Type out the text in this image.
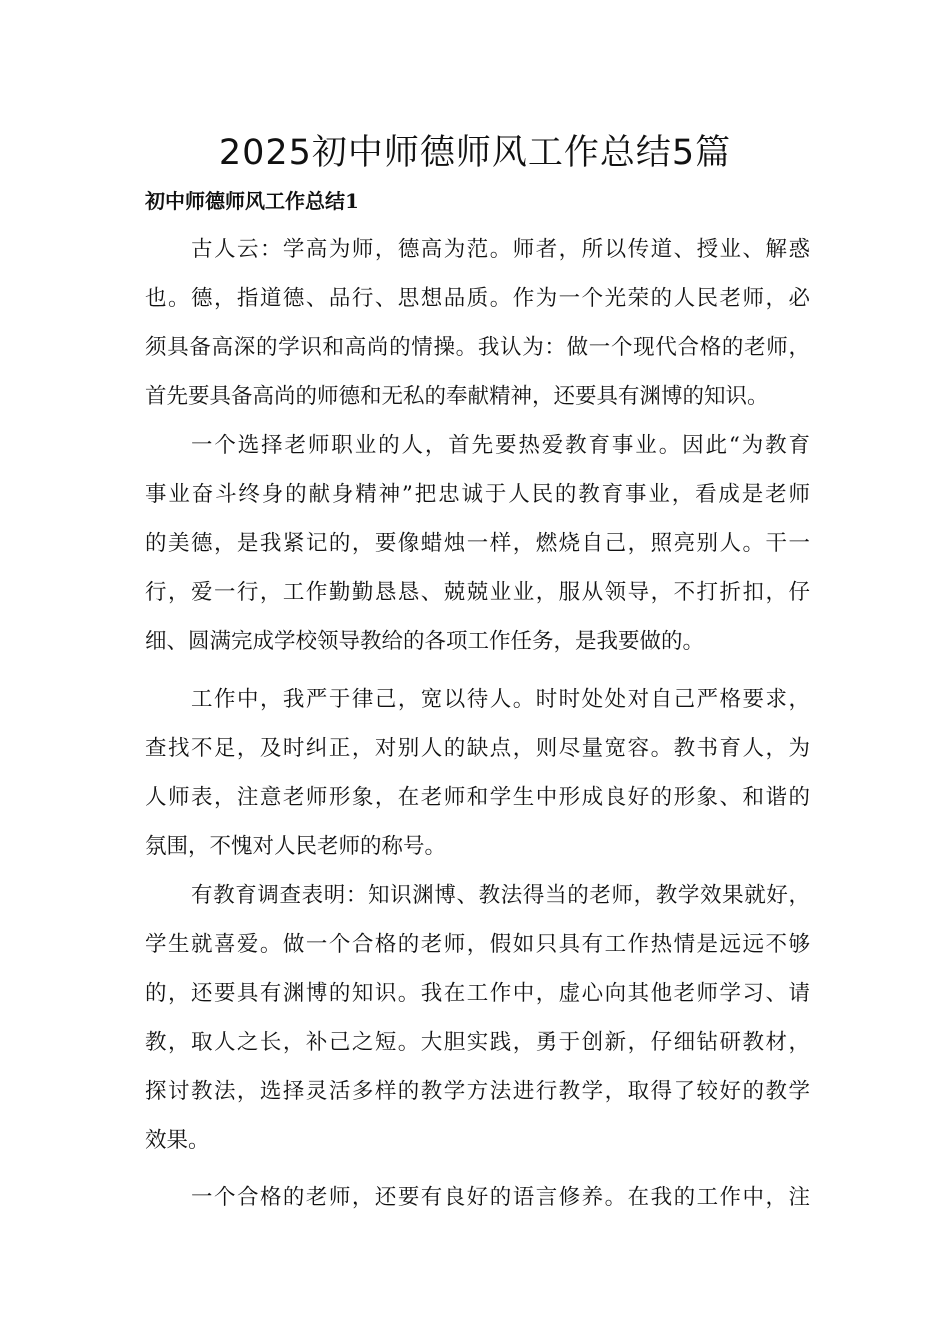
2025初中师德师风工作总结5篇
初中师德师风工作总结1

古人云：学高为师，德高为范。师者，所以传道、授业、解惑

也。德，指道德、品行、思想品质。作为一个光荣的人民老师，必

须具备高深的学识和高尚的情操。我认为：做一个现代合格的老师，

首先要具备高尚的师德和无私的奉献精神，还要具有渊博的知识。

一个选择老师职业的人，首先要热爱教育事业。因此“为教育

事业奋斗终身的献身精神”把忠诚于人民的教育事业，看成是老师

的美德，是我紧记的，要像蜡烛一样，燃烧自己，照亮别人。干一

行，爱一行，工作勤勤恳恳、兢兢业业，服从领导，不打折扣，仔

细、圆满完成学校领导教给的各项工作任务，是我要做的。

工作中，我严于律己，宽以待人。时时处处对自己严格要求，

查找不足，及时纠正，对别人的缺点，则尽量宽容。教书育人，为

人师表，注意老师形象，在老师和学生中形成良好的形象、和谐的

氛围，不愧对人民老师的称号。

有教育调查表明：知识渊博、教法得当的老师，教学效果就好，

学生就喜爱。做一个合格的老师，假如只具有工作热情是远远不够

的，还要具有渊博的知识。我在工作中，虚心向其他老师学习、请

教，取人之长，补己之短。大胆实践，勇于创新，仔细钻研教材，

探讨教法，选择灵活多样的教学方法进行教学，取得了较好的教学

效果。

一个合格的老师，还要有良好的语言修养。在我的工作中，注
